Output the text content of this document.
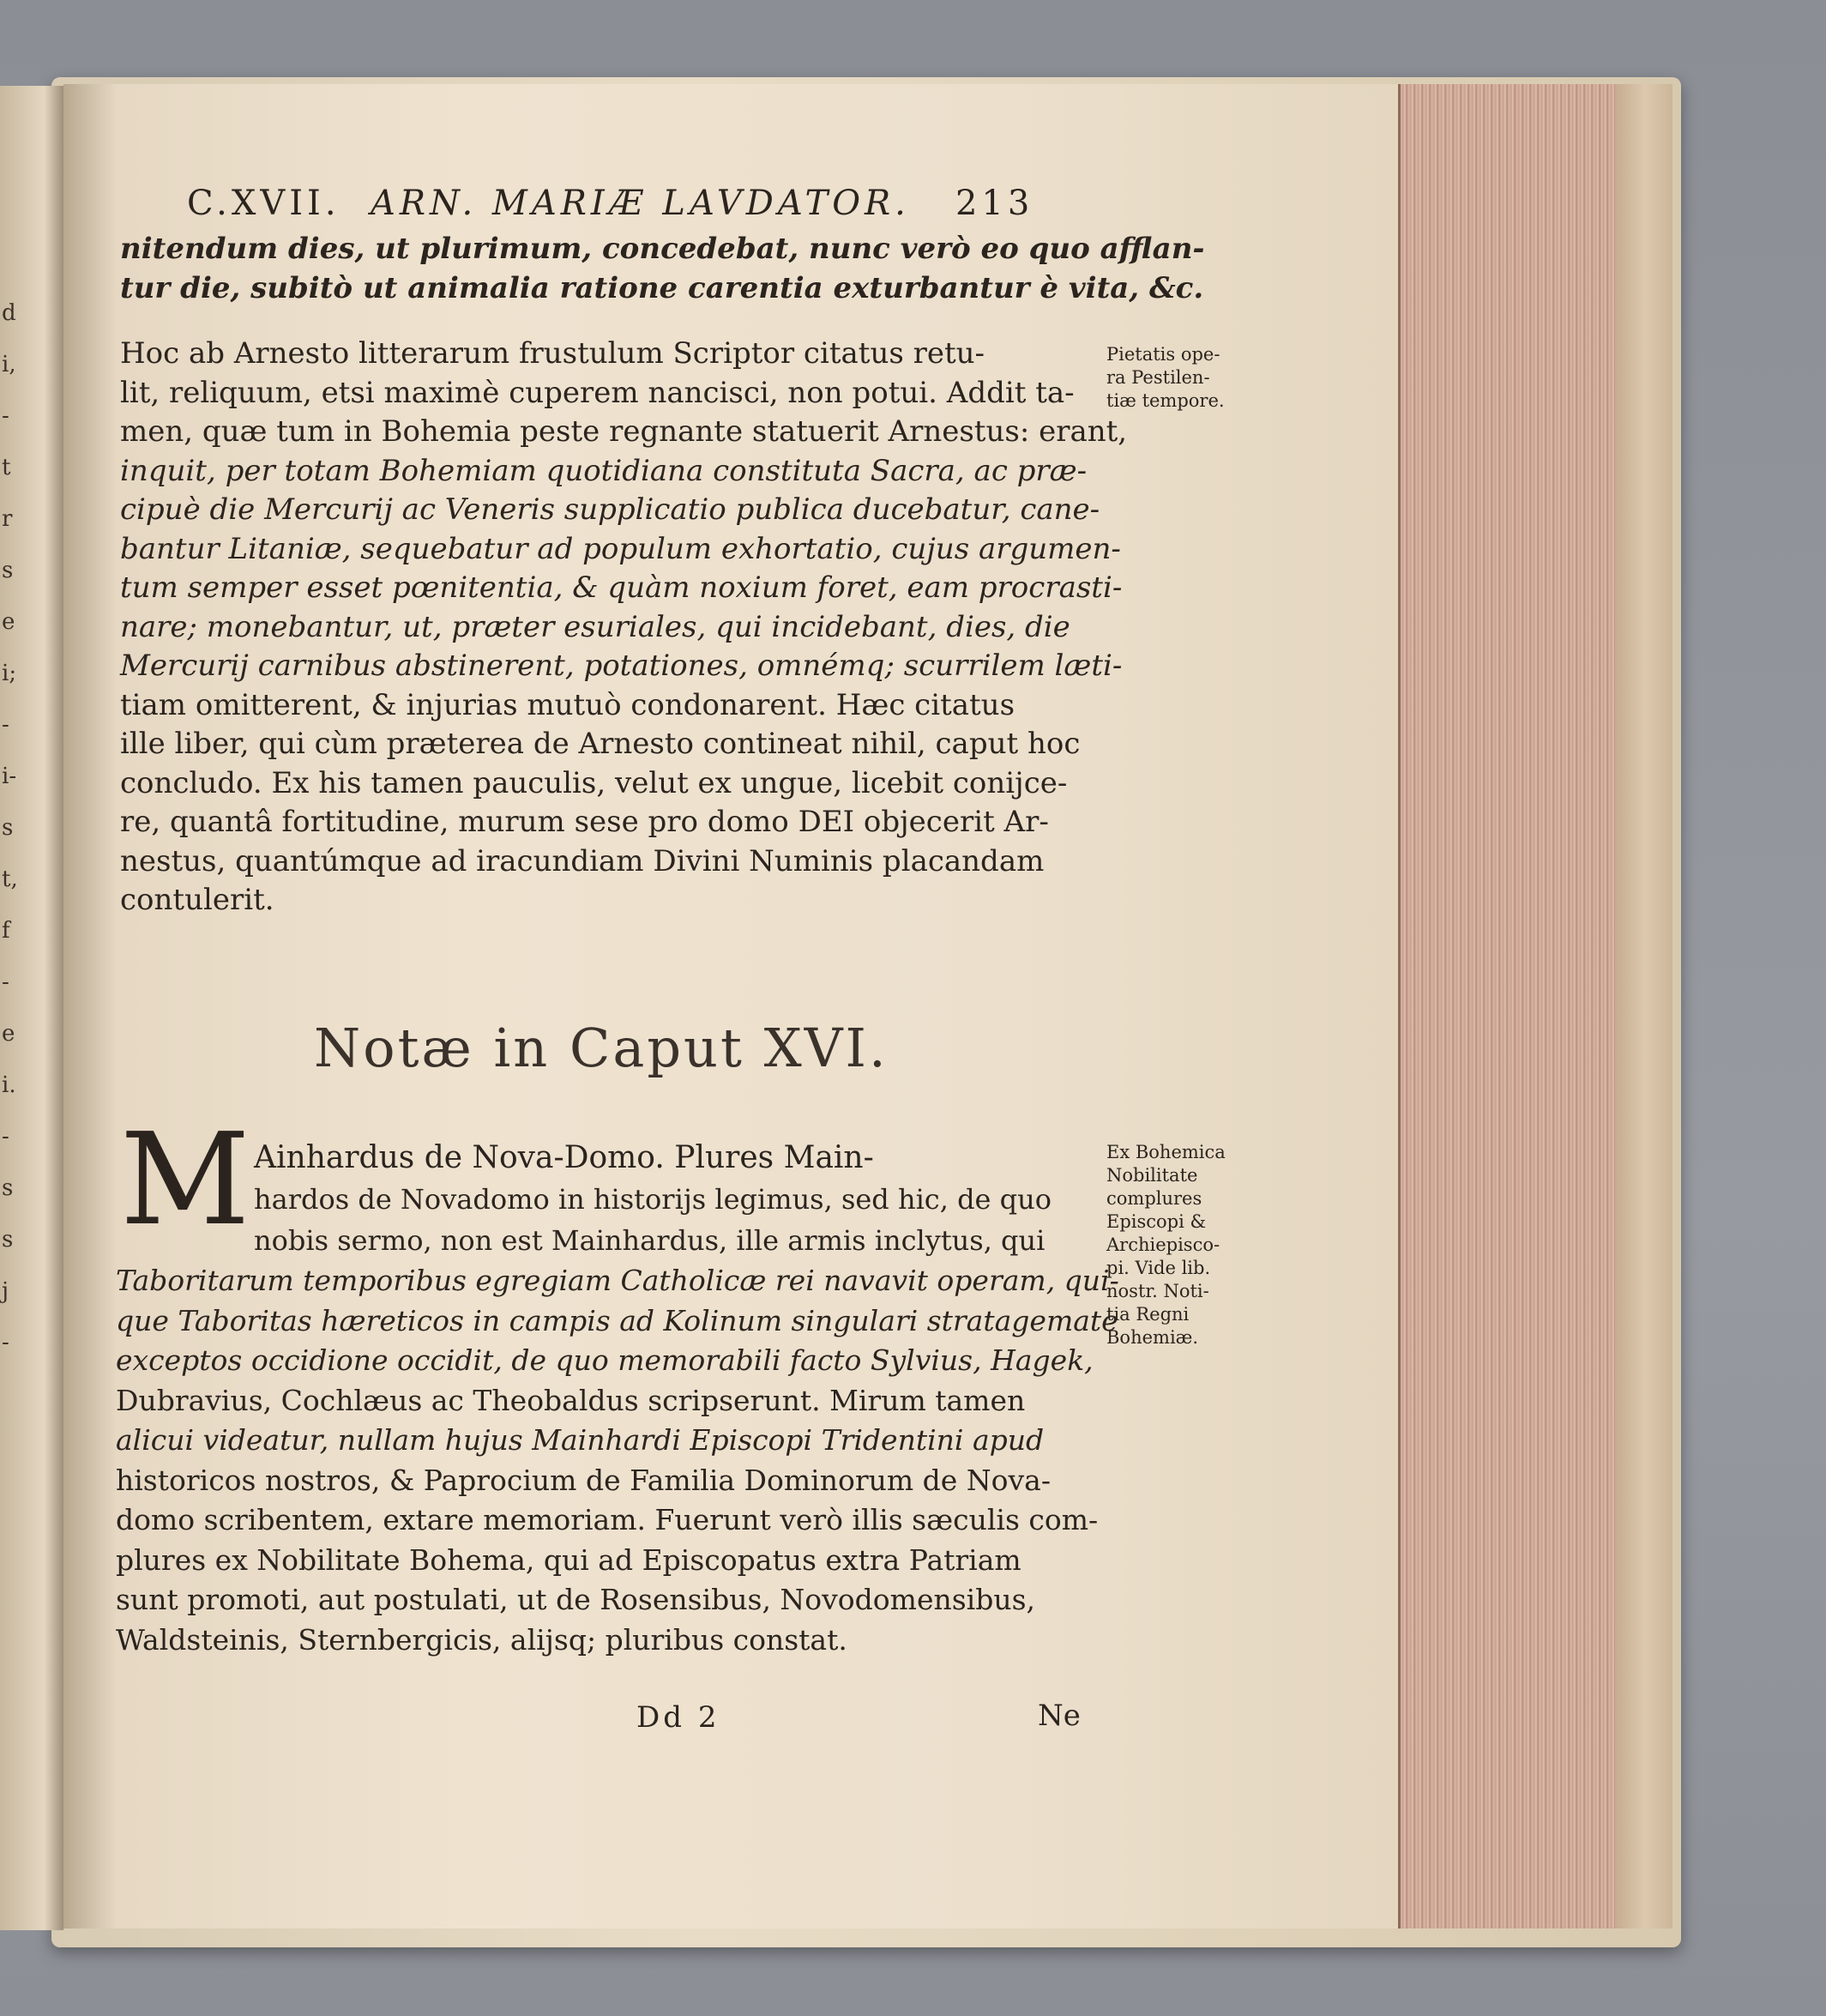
d
i,
-
t
r
s
e
i;
-
i-
s
t,
f
-
e
i.
-
s
s
j
-
C.XVII. ARN. MARIÆ LAVDATOR. 213
nitendum dies, ut plurimum, concedebat, nunc verò eo quo afflan-
tur die, subitò ut animalia ratione carentia exturbantur è vita, &c.
Hoc ab Arnesto litterarum frustulum Scriptor citatus retu-
lit, reliquum, etsi maximè cuperem nancisci, non potui. Addit ta-
men, quæ tum in Bohemia peste regnante statuerit Arnestus: erant,
inquit, per totam Bohemiam quotidiana constituta Sacra, ac præ-
cipuè die Mercurij ac Veneris supplicatio publica ducebatur, cane-
bantur Litaniæ, sequebatur ad populum exhortatio, cujus argumen-
tum semper esset pœnitentia, & quàm noxium foret, eam procrasti-
nare; monebantur, ut, præter esuriales, qui incidebant, dies, die
Mercurij carnibus abstinerent, potationes, omnémq; scurrilem læti-
tiam omitterent, & injurias mutuò condonarent. Hæc citatus
ille liber, qui cùm præterea de Arnesto contineat nihil, caput hoc
concludo. Ex his tamen pauculis, velut ex ungue, licebit conijce-
re, quantâ fortitudine, murum sese pro domo DEI objecerit Ar-
nestus, quantúmque ad iracundiam Divini Numinis placandam
contulerit.
Pietatis ope-
ra Pestilen-
tiæ tempore.
Notæ in Caput XVI.
M Ainhardus de Nova-Domo. Plures Main-
hardos de Novadomo in historijs legimus, sed hic, de quo
nobis sermo, non est Mainhardus, ille armis inclytus, qui
Taboritarum temporibus egregiam Catholicæ rei navavit operam, qui-
que Taboritas hæreticos in campis ad Kolinum singulari stratagemate
exceptos occidione occidit, de quo memorabili facto Sylvius, Hagek,
Dubravius, Cochlæus ac Theobaldus scripserunt. Mirum tamen
alicui videatur, nullam hujus Mainhardi Episcopi Tridentini apud
historicos nostros, & Paprocium de Familia Dominorum de Nova-
domo scribentem, extare memoriam. Fuerunt verò illis sæculis com-
plures ex Nobilitate Bohema, qui ad Episcopatus extra Patriam
sunt promoti, aut postulati, ut de Rosensibus, Novodomensibus,
Waldsteinis, Sternbergicis, alijsq; pluribus constat.
Ex Bohemica
Nobilitate
complures
Episcopi &
Archiepisco-
pi. Vide lib.
nostr. Noti-
tia Regni
Bohemiæ.
Dd 2	Ne
